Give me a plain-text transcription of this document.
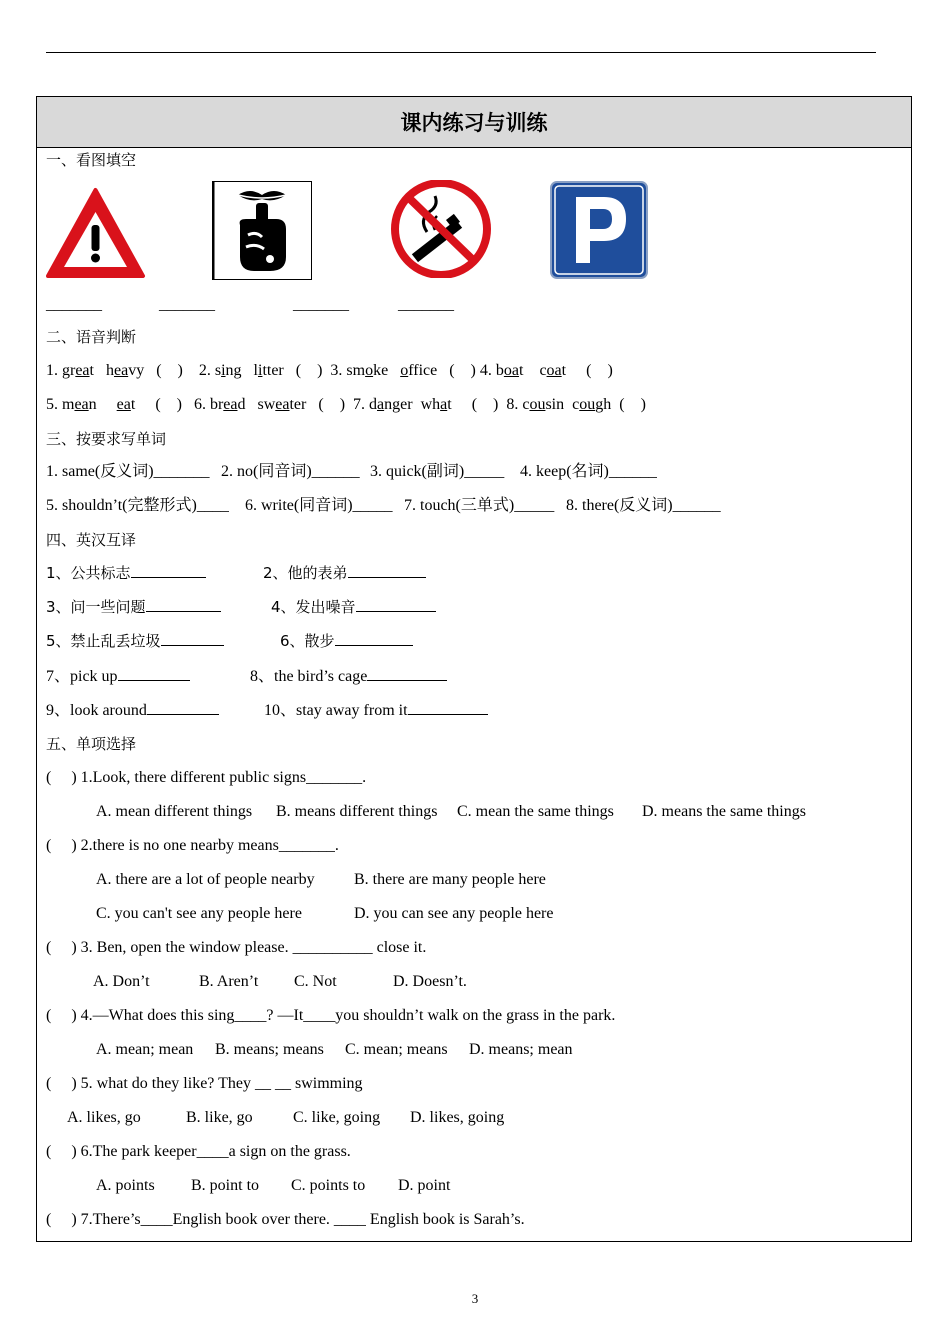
课内练习与训练
一、看图填空
_______	_______	_______	_______
二、语音判断
1. great heavy (    ) 2. sing litter (    ) 3. smoke office (    ) 4. boat coat (    )
5. mean eat (    ) 6. bread sweater (    ) 7. danger what (    ) 8. cousin cough (    )
三、按要求写单词
1. same(反义词)_______ 2. no(同音词)______ 3. quick(副词)_____ 4. keep(名词)______
5. shouldn’t(完整形式)____ 6. write(同音词)_____ 7. touch(三单式)_____ 8. there(反义词)______
四、英汉互译
1、公共标志	2、他的表弟
3、问一些问题	4、发出噪音
5、禁止乱丢垃圾	6、散步
7、pick up	8、the bird’s cage
9、look around	10、stay away from it
五、单项选择
(     ) 1.Look, there different public signs_______.
A. mean different things B. means different things C. mean the same things D. means the same things
(     ) 2.there is no one nearby means_______.
A. there are a lot of people nearby B. there are many people here
C. you can't see any people here	D. you can see any people here
(     ) 3. Ben, open the window please. __________ close it.
A. Don’t	B. Aren’t C. Not	D. Doesn’t.
(     ) 4.—What does this sing____? —It____you shouldn’t walk on the grass in the park.
A. mean; mean B. means; means C. mean; means D. means; mean
(     ) 5. what do they like? They __ __ swimming
A. likes, go	B. like, go	C. like, going D. likes, going
(     ) 6.The park keeper____a sign on the grass.
A. points B. point to C. points to D. point
(     ) 7.There’s____English book over there. ____ English book is Sarah’s.
3
